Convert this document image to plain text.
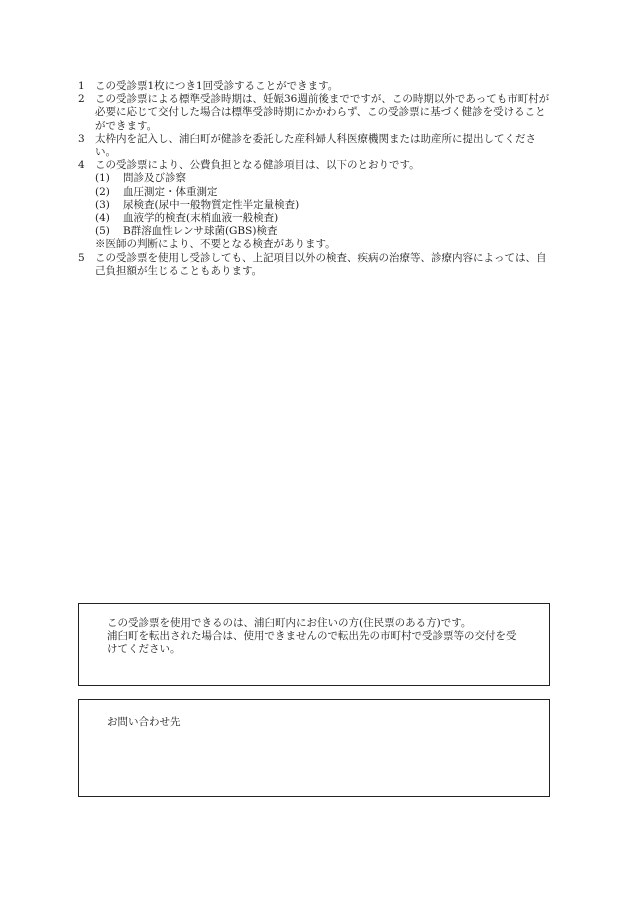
1 この受診票1枚につき1回受診することができます。
2 この受診票による標準受診時期は、妊娠36週前後までですが、この時期以外であっても市町村が必要に応じて交付した場合は標準受診時期にかかわらず、この受診票に基づく健診を受けることができます。
3 太枠内を記入し、浦臼町が健診を委託した産科婦人科医療機関または助産所に提出してください。
4 この受診票により、公費負担となる健診項目は、以下のとおりです。
(1)	問診及び診察
(2)	血圧測定・体重測定
(3)	尿検査(尿中一般物質定性半定量検査)
(4)	血液学的検査(末梢血液一般検査)
(5)	B群溶血性レンサ球菌(GBS)検査
※医師の判断により、不要となる検査があります。
5 この受診票を使用し受診しても、上記項目以外の検査、疾病の治療等、診療内容によっては、自己負担額が生じることもあります。

この受診票を使用できるのは、浦臼町内にお住いの方(住民票のある方)です。

浦臼町を転出された場合は、使用できませんので転出先の市町村で受診票等の交付を受けてください。

お問い合わせ先
